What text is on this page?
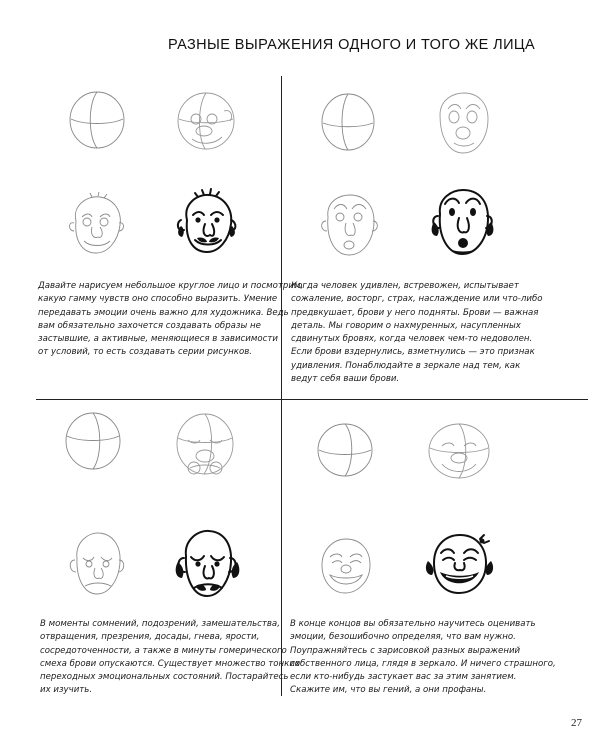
РАЗНЫЕ ВЫРАЖЕНИЯ ОДНОГО И ТОГО ЖЕ ЛИЦА

Давайте нарисуем небольшое круглое лицо и посмотрим,
какую гамму чувств оно способно выразить. Умение
передавать эмоции очень важно для художника. Ведь
вам обязательно захочется создавать образы не
застывшие, а активные, меняющиеся в зависимости
от условий, то есть создавать серии рисунков.

Когда человек удивлен, встревожен, испытывает
сожаление, восторг, страх, наслаждение или что-либо
предвкушает, брови у него подняты. Брови — важная
деталь. Мы говорим о нахмуренных, насупленных
сдвинутых бровях, когда человек чем-то недоволен.
Если брови вздернулись, взметнулись — это признак
удивления. Понаблюдайте в зеркале над тем, как
ведут себя ваши брови.

В моменты сомнений, подозрений, замешательства,
отвращения, презрения, досады, гнева, ярости,
сосредоточенности, а также в минуты гомерического
смеха брови опускаются. Существует множество тонких
переходных эмоциональных состояний. Постарайтесь
их изучить.

В конце концов вы обязательно научитесь оценивать
эмоции, безошибочно определяя, что вам нужно.
Поупражняйтесь с зарисовкой разных выражений
собственного лица, глядя в зеркало. И ничего страшного,
если кто-нибудь застукает вас за этим занятием.
Скажите им, что вы гений, а они профаны.

27
